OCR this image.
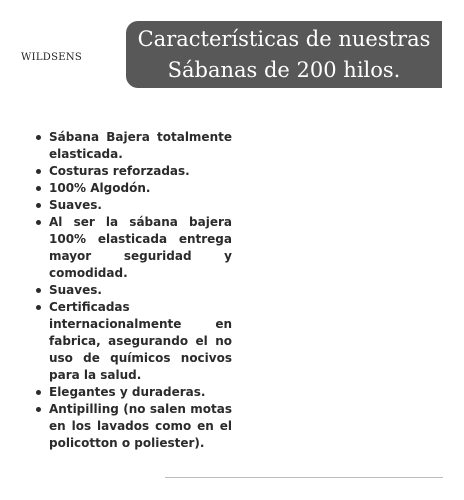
WILDSENS
Características de nuestras
Sábanas de 200 hilos.
Sábana Bajera totalmente elasticada.
Costuras reforzadas.
100% Algodón.
Suaves.
Al ser la sábana bajera 100% elasticada entrega mayor seguridad y comodidad.
Suaves.
Certificadas internacionalmente en fabrica, asegurando el no uso de químicos nocivos para la salud.
Elegantes y duraderas.
Antipilling (no salen motas en los lavados como en el policotton o poliester).
